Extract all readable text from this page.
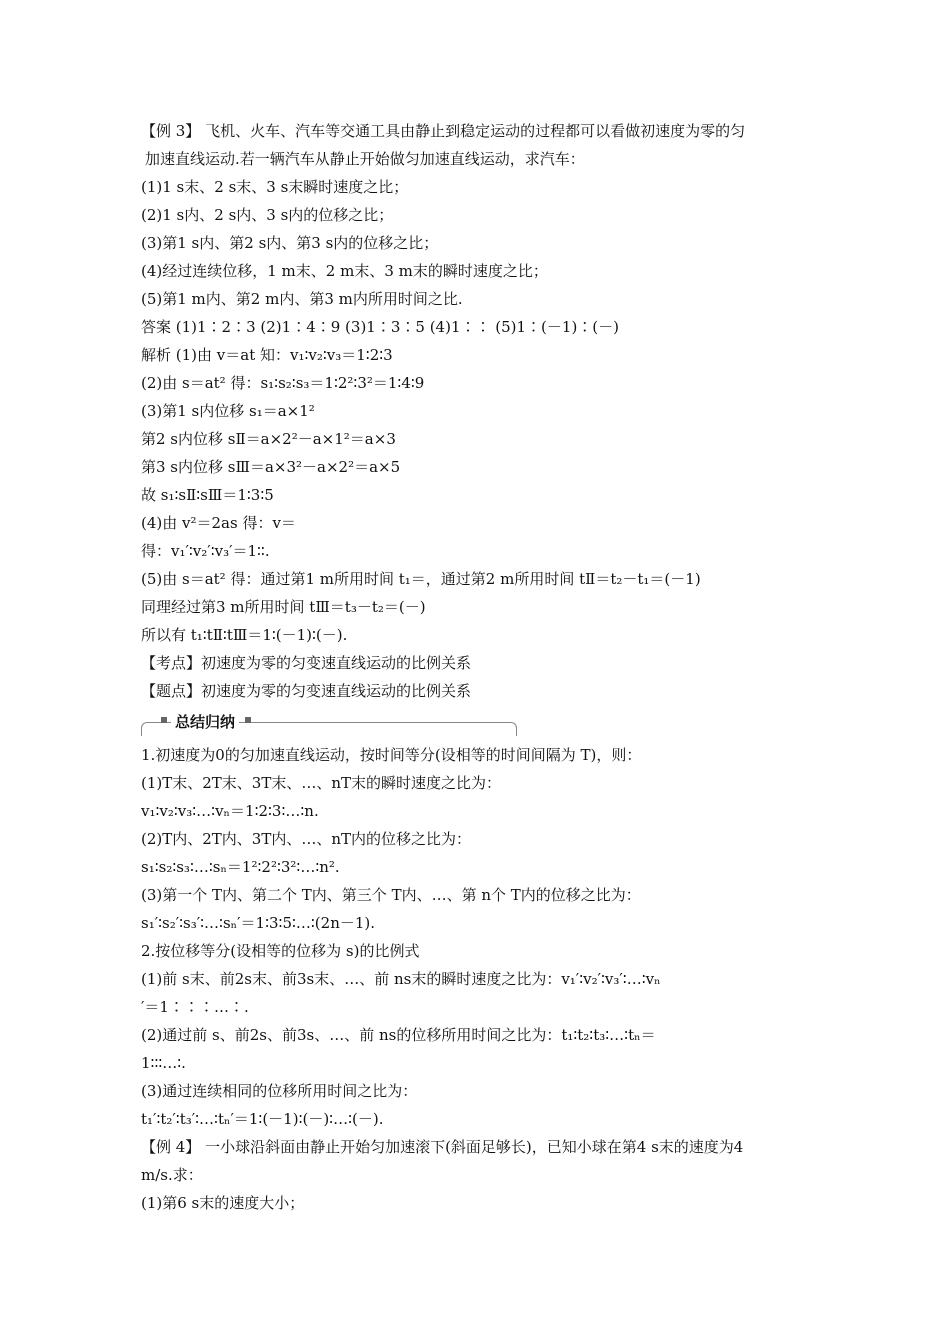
【例 3】 飞机、火车、汽车等交通工具由静止到稳定运动的过程都可以看做初速度为零的匀
加速直线运动.若一辆汽车从静止开始做匀加速直线运动，求汽车：
(1)1 s末、2 s末、3 s末瞬时速度之比；
(2)1 s内、2 s内、3 s内的位移之比；
(3)第1 s内、第2 s内、第3 s内的位移之比；
(4)经过连续位移，1 m末、2 m末、3 m末的瞬时速度之比；
(5)第1 m内、第2 m内、第3 m内所用时间之比.
答案 (1)1∶2∶3 (2)1∶4∶9 (3)1∶3∶5 (4)1∶∶ (5)1∶(－1)∶(－)
解析 (1)由 v＝at 知：v₁∶v₂∶v₃＝1∶2∶3
(2)由 s＝at² 得：s₁∶s₂∶s₃＝1∶2²∶3²＝1∶4∶9
(3)第1 s内位移 s₁＝a×1²
第2 s内位移 sⅡ＝a×2²－a×1²＝a×3
第3 s内位移 sⅢ＝a×3²－a×2²＝a×5
故 s₁∶sⅡ∶sⅢ＝1∶3∶5
(4)由 v²＝2as 得：v＝
得：v₁′∶v₂′∶v₃′＝1∶∶.
(5)由 s＝at² 得：通过第1 m所用时间 t₁＝，通过第2 m所用时间 tⅡ＝t₂－t₁＝(－1)
同理经过第3 m所用时间 tⅢ＝t₃－t₂＝(－)
所以有 t₁∶tⅡ∶tⅢ＝1∶(－1)∶(－).
【考点】初速度为零的匀变速直线运动的比例关系
【题点】初速度为零的匀变速直线运动的比例关系
总结归纳
1.初速度为0的匀加速直线运动，按时间等分(设相等的时间间隔为 T)，则：
(1)T末、2T末、3T末、…、nT末的瞬时速度之比为：
v₁∶v₂∶v₃∶…∶vₙ＝1∶2∶3∶…∶n.
(2)T内、2T内、3T内、…、nT内的位移之比为：
s₁∶s₂∶s₃∶…∶sₙ＝1²∶2²∶3²∶…∶n².
(3)第一个 T内、第二个 T内、第三个 T内、…、第 n个 T内的位移之比为：
s₁′∶s₂′∶s₃′∶…∶sₙ′＝1∶3∶5∶…∶(2n－1).
2.按位移等分(设相等的位移为 s)的比例式
(1)前 s末、前2s末、前3s末、…、前 ns末的瞬时速度之比为：v₁′∶v₂′∶v₃′∶…∶vₙ
′＝1∶∶∶…∶.
(2)通过前 s、前2s、前3s、…、前 ns的位移所用时间之比为：t₁∶t₂∶t₃∶…∶tₙ＝
1∶∶∶…∶.
(3)通过连续相同的位移所用时间之比为：
t₁′∶t₂′∶t₃′∶…∶tₙ′＝1∶(－1)∶(－)∶…∶(－).
【例 4】 一小球沿斜面由静止开始匀加速滚下(斜面足够长)，已知小球在第4 s末的速度为4
m/s.求：
(1)第6 s末的速度大小；
